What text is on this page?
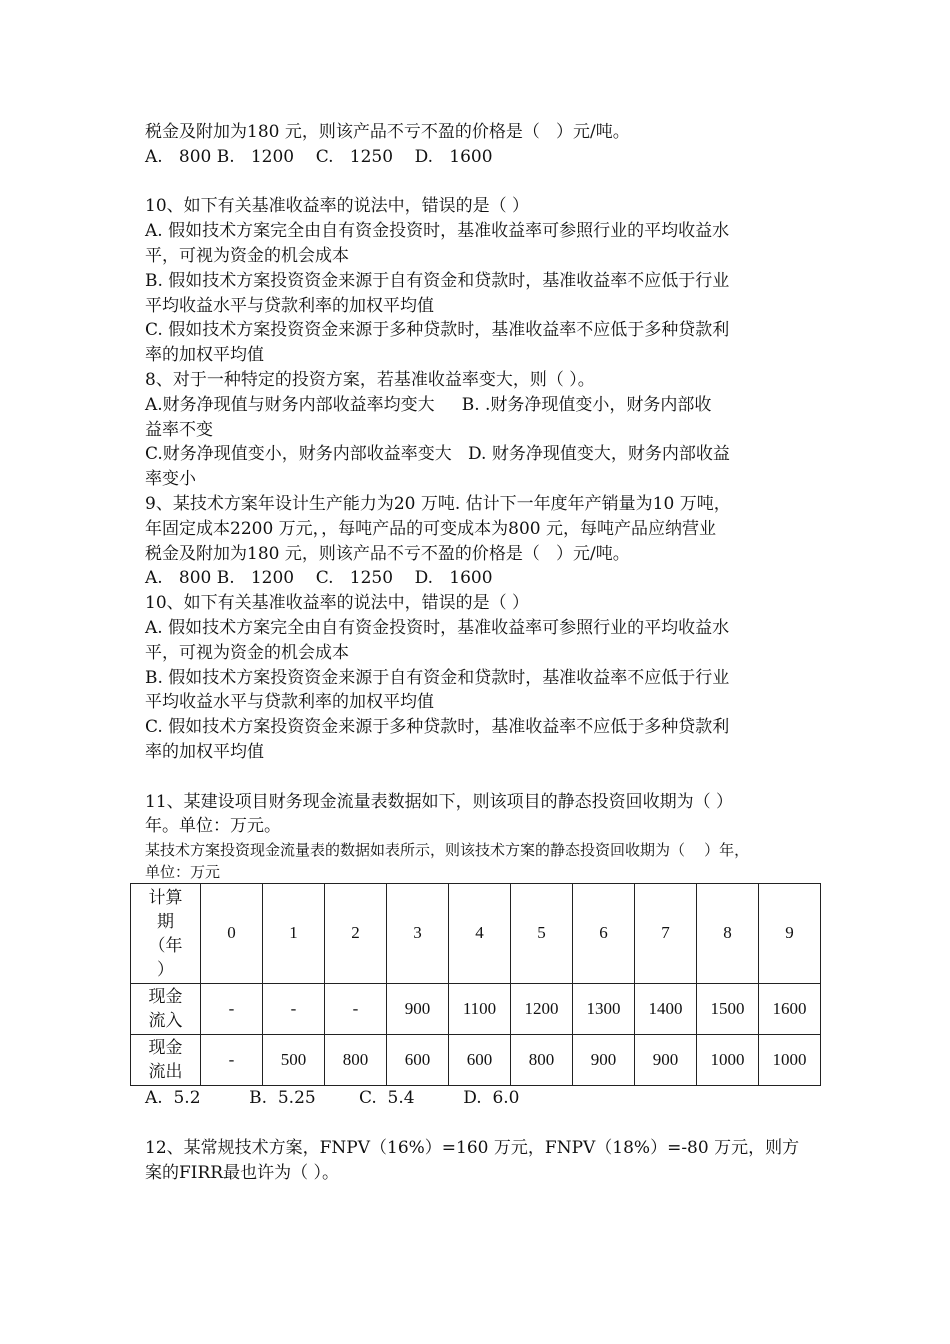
税金及附加为180 元，则该产品不亏不盈的价格是（   ）元/吨。
A.   800 B.   1200    C.   1250    D.   1600
10、如下有关基准收益率的说法中，错误的是（ ）
A. 假如技术方案完全由自有资金投资时，基准收益率可参照行业的平均收益水
平，可视为资金的机会成本
B. 假如技术方案投资资金来源于自有资金和贷款时，基准收益率不应低于行业
平均收益水平与贷款利率的加权平均值
C. 假如技术方案投资资金来源于多种贷款时，基准收益率不应低于多种贷款利
率的加权平均值
8、对于一种特定的投资方案，若基准收益率变大，则（ ）。
A.财务净现值与财务内部收益率均变大     B. .财务净现值变小，财务内部收
益率不变
C.财务净现值变小，财务内部收益率变大   D. 财务净现值变大，财务内部收益
率变小
9、某技术方案年设计生产能力为20 万吨. 估计下一年度年产销量为10 万吨，
年固定成本2200 万元，，每吨产品的可变成本为800 元，每吨产品应纳营业
税金及附加为180 元，则该产品不亏不盈的价格是（   ）元/吨。
A.   800 B.   1200    C.   1250    D.   1600
10、如下有关基准收益率的说法中，错误的是（ ）
A. 假如技术方案完全由自有资金投资时，基准收益率可参照行业的平均收益水
平，可视为资金的机会成本
B. 假如技术方案投资资金来源于自有资金和贷款时，基准收益率不应低于行业
平均收益水平与贷款利率的加权平均值
C. 假如技术方案投资资金来源于多种贷款时，基准收益率不应低于多种贷款利
率的加权平均值
11、某建设项目财务现金流量表数据如下，则该项目的静态投资回收期为（ ）
年。单位：万元。
某技术方案投资现金流量表的数据如表所示，则该技术方案的静态投资回收期为（    ）年，
单位：万元
计算
期
（年
）	0	1	2	3	4	5	6	7	8	9

现金
流入	-	-	-	900	1100	1200	1300	1400	1500	1600

现金
流出	-	500	800	600	600	800	900	900	1000	1000
A.  5.2         B.  5.25        C.  5.4         D.  6.0
12、某常规技术方案，FNPV（16%）=160 万元，FNPV（18%）=-80 万元，则方
案的FIRR最也许为（ ）。
